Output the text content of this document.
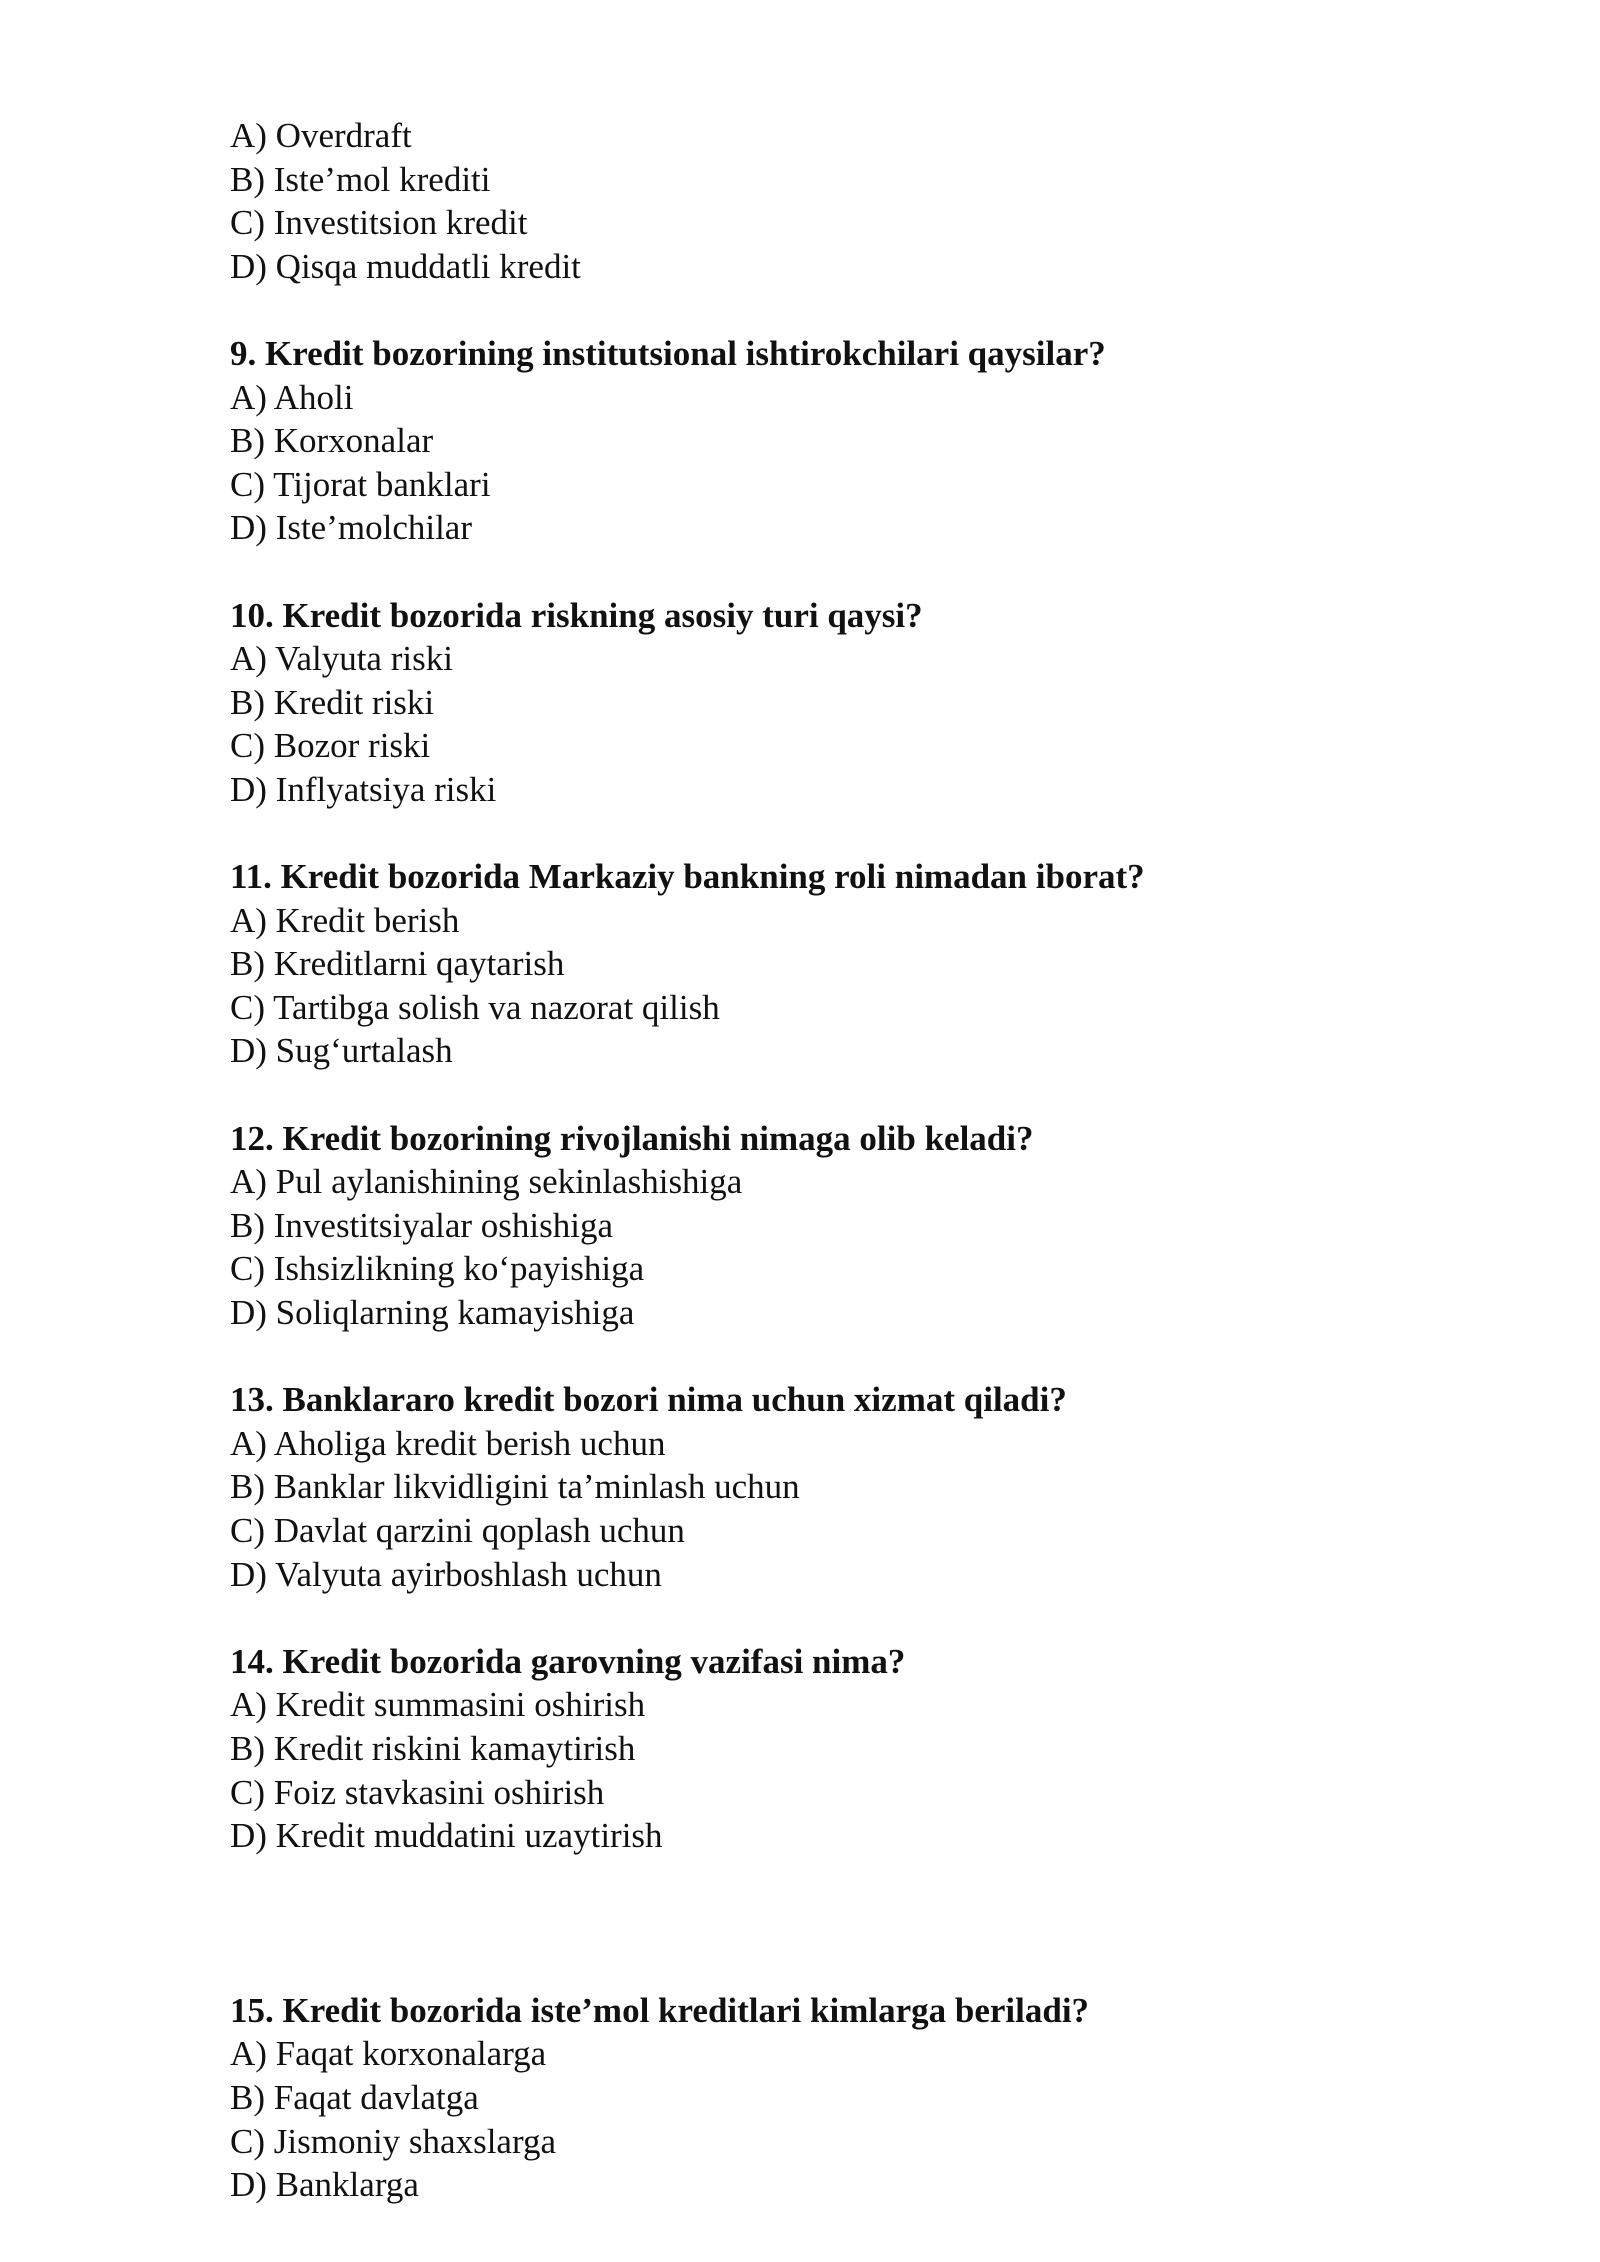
A) Overdraft
B) Iste’mol krediti
C) Investitsion kredit
D) Qisqa muddatli kredit
9. Kredit bozorining institutsional ishtirokchilari qaysilar?
A) Aholi
B) Korxonalar
C) Tijorat banklari
D) Iste’molchilar
10. Kredit bozorida riskning asosiy turi qaysi?
A) Valyuta riski
B) Kredit riski
C) Bozor riski
D) Inflyatsiya riski
11. Kredit bozorida Markaziy bankning roli nimadan iborat?
A) Kredit berish
B) Kreditlarni qaytarish
C) Tartibga solish va nazorat qilish
D) Sug‘urtalash
12. Kredit bozorining rivojlanishi nimaga olib keladi?
A) Pul aylanishining sekinlashishiga
B) Investitsiyalar oshishiga
C) Ishsizlikning ko‘payishiga
D) Soliqlarning kamayishiga
13. Banklararo kredit bozori nima uchun xizmat qiladi?
A) Aholiga kredit berish uchun
B) Banklar likvidligini ta’minlash uchun
C) Davlat qarzini qoplash uchun
D) Valyuta ayirboshlash uchun
14. Kredit bozorida garovning vazifasi nima?
A) Kredit summasini oshirish
B) Kredit riskini kamaytirish
C) Foiz stavkasini oshirish
D) Kredit muddatini uzaytirish
15. Kredit bozorida iste’mol kreditlari kimlarga beriladi?
A) Faqat korxonalarga
B) Faqat davlatga
C) Jismoniy shaxslarga
D) Banklarga
